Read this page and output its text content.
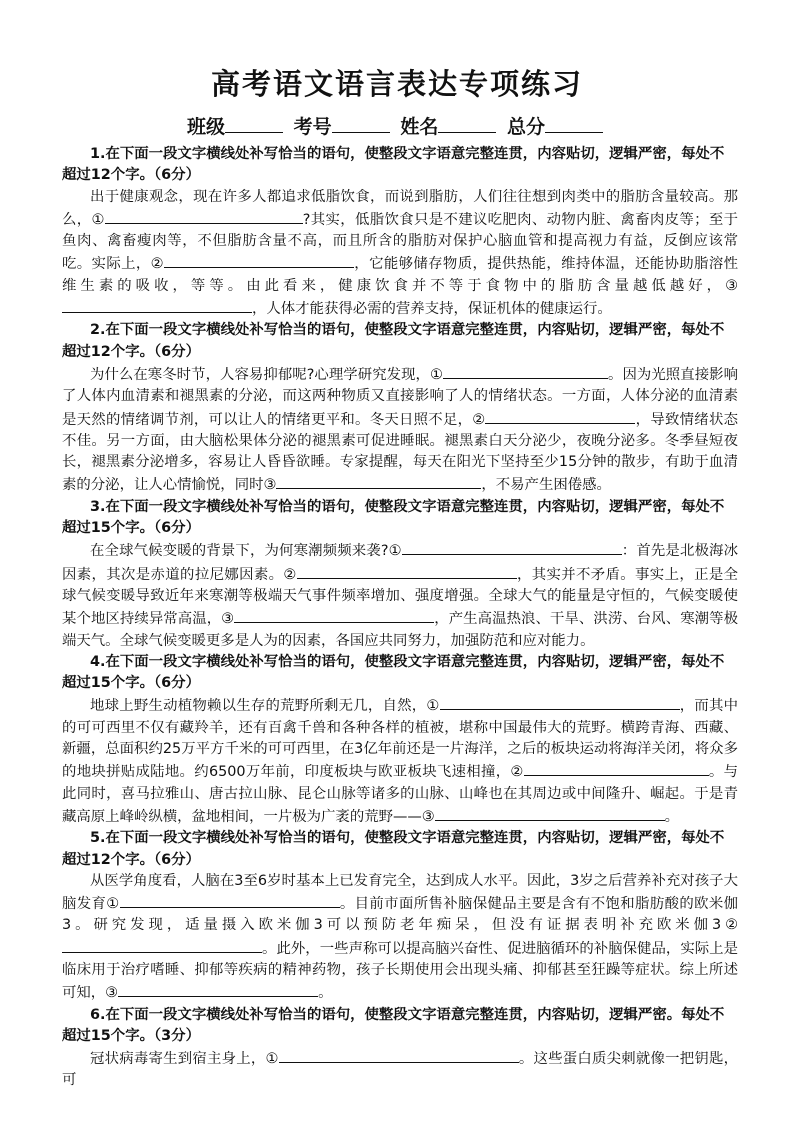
高考语文语言表达专项练习
班级	考号	姓名	总分

1.在下面一段文字横线处补写恰当的语句，使整段文字语意完整连贯，内容贴切，逻辑严密，每处不超过12个字。（6分）

出于健康观念，现在许多人都追求低脂饮食，而说到脂肪，人们往往想到肉类中的脂肪含量较高。那么，①	?其实，低脂饮食只是不建议吃肥肉、动物内脏、禽畜肉皮等；至于鱼肉、禽畜瘦肉等，不但脂肪含量不高，而且所含的脂肪对保护心脑血管和提高视力有益，反倒应该常吃。实际上，②	，它能够储存物质，提供热能，维持体温，还能协助脂溶性维生素的吸收，等等。由此看来，健康饮食并不等于食物中的脂肪含量越低越好，③，人体才能获得必需的营养支持，保证机体的健康运行。

2.在下面一段文字横线处补写恰当的语句，使整段文字语意完整连贯，内容贴切，逻辑严密，每处不超过12个字。（6分）

为什么在寒冬时节，人容易抑郁呢?心理学研究发现，①	。因为光照直接影响了人体内血清素和褪黑素的分泌，而这两种物质又直接影响了人的情绪状态。一方面，人体分泌的血清素是天然的情绪调节剂，可以让人的情绪更平和。冬天日照不足，②	，导致情绪状态不佳。另一方面，由大脑松果体分泌的褪黑素可促进睡眠。褪黑素白天分泌少，夜晚分泌多。冬季昼短夜长，褪黑素分泌增多，容易让人昏昏欲睡。专家提醒，每天在阳光下坚持至少15分钟的散步，有助于血清素的分泌，让人心情愉悦，同时③	，不易产生困倦感。

3.在下面一段文字横线处补写恰当的语句，使整段文字语意完整连贯，内容贴切，逻辑严密，每处不超过15个字。（6分）

在全球气候变暖的背景下，为何寒潮频频来袭?①	：首先是北极海冰因素，其次是赤道的拉尼娜因素。②	，其实并不矛盾。事实上，正是全球气候变暖导致近年来寒潮等极端天气事件频率增加、强度增强。全球大气的能量是守恒的，气候变暖使某个地区持续异常高温，③	，产生高温热浪、干旱、洪涝、台风、寒潮等极端天气。全球气候变暖更多是人为的因素，各国应共同努力，加强防范和应对能力。

4.在下面一段文字横线处补写恰当的语句，使整段文字语意完整连贯，内容贴切，逻辑严密，每处不超过15个字。（6分）

地球上野生动植物赖以生存的荒野所剩无几，自然，①	，而其中的可可西里不仅有藏羚羊，还有百禽千兽和各种各样的植被，堪称中国最伟大的荒野。横跨青海、西藏、新疆，总面积约25万平方千米的可可西里，在3亿年前还是一片海洋，之后的板块运动将海洋关闭，将众多的地块拼贴成陆地。约6500万年前，印度板块与欧亚板块飞速相撞，②	。与此同时，喜马拉雅山、唐古拉山脉、昆仑山脉等诸多的山脉、山峰也在其周边或中间隆升、崛起。于是青藏高原上峰岭纵横，盆地相间，一片极为广袤的荒野——③	。

5.在下面一段文字横线处补写恰当的语句，使整段文字语意完整连贯，内容贴切，逻辑严密，每处不超过12个字。（6分）

从医学角度看，人脑在3至6岁时基本上已发育完全，达到成人水平。因此，3岁之后营养补充对孩子大脑发育①	。目前市面所售补脑保健品主要是含有不饱和脂肪酸的欧米伽3。研究发现，适量摄入欧米伽3可以预防老年痴呆，但没有证据表明补充欧米伽3②。此外，一些声称可以提高脑兴奋性、促进脑循环的补脑保健品，实际上是临床用于治疗嗜睡、抑郁等疾病的精神药物，孩子长期使用会出现头痛、抑郁甚至狂躁等症状。综上所述可知，③	。

6.在下面一段文字横线处补写恰当的语句，使整段文字语意完整连贯，内容贴切，逻辑严密。每处不超过15个字。（3分）

冠状病毒寄生到宿主身上，①	。这些蛋白质尖刺就像一把钥匙，可
